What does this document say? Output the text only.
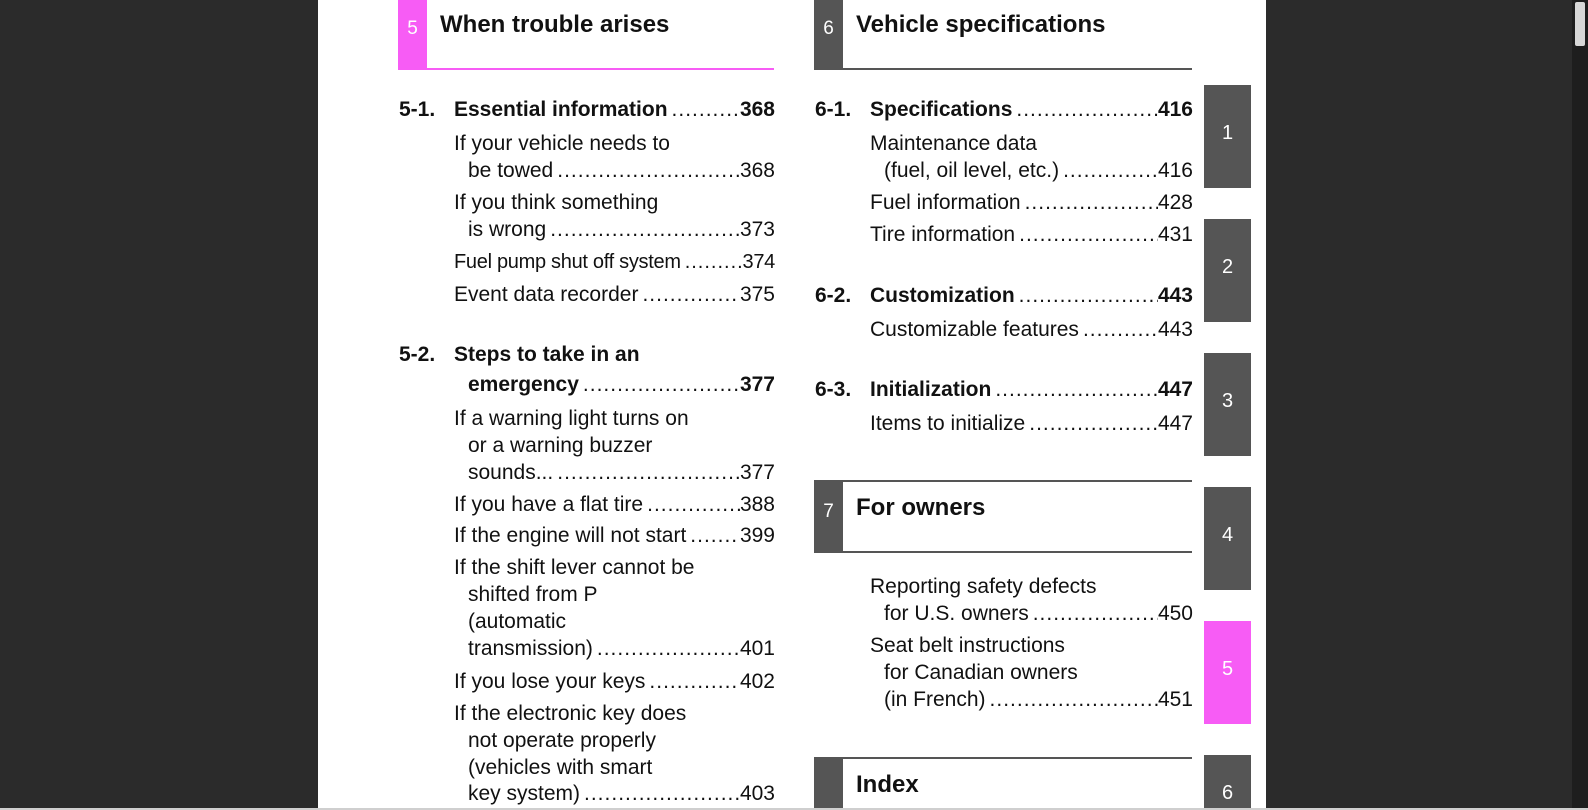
5 When trouble arises	6 Vehicle specifications
5-1. Essential information .....	368
If your vehicle needs to
be towed .....	368
If you think something
is wrong .....	373
Fuel pump shut off system .....	374
Event data recorder .....	375
5-2. Steps to take in an
emergency .....	377
If a warning light turns on
or a warning buzzer
sounds... .....	377
If you have a flat tire .....	388
If the engine will not start .....	399
If the shift lever cannot be
shifted from P
(automatic
transmission) .....	401
If you lose your keys .....	402
If the electronic key does
not operate properly
(vehicles with smart
key system) .....	403
6-1. Specifications .....	416
Maintenance data
(fuel, oil level, etc.) .....	416
Fuel information .....	428
Tire information .....	431
6-2. Customization .....	443
Customizable features .....	443
6-3. Initialization .....	447
Items to initialize .....	447
7 For owners
Reporting safety defects
for U.S. owners .....	450
Seat belt instructions
for Canadian owners
(in French) .....	451
Index
1
2
3
4
5
6
